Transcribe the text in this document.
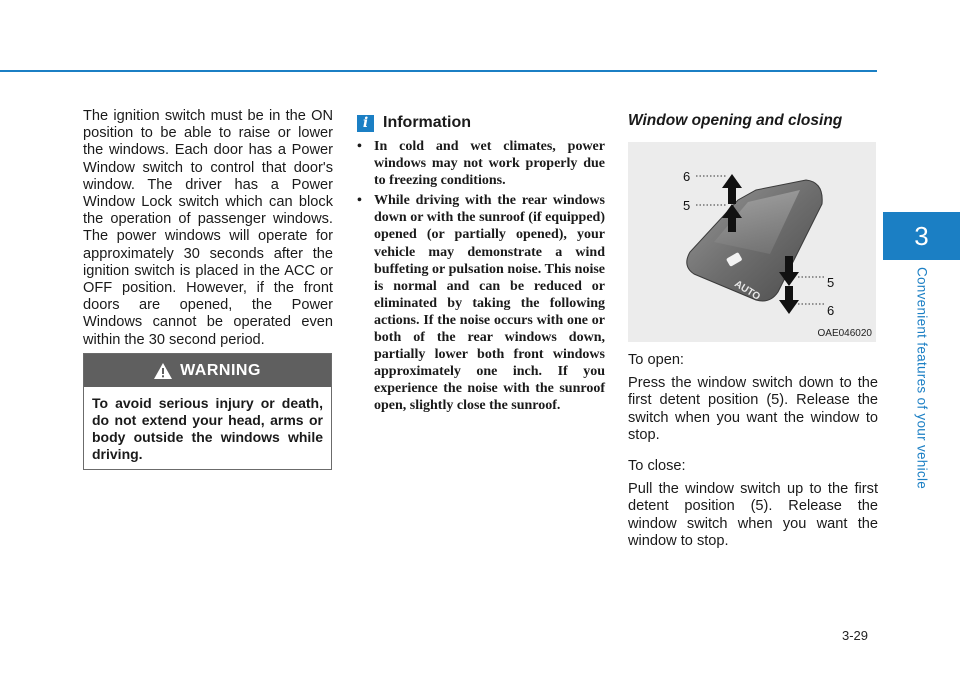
3
Convenient features of your vehicle

The ignition switch must be in the ON position to be able to raise or lower the windows. Each door has a Power Window switch to control that door's window. The driver has a Power Window Lock switch which can block the operation of passenger windows. The power windows will operate for approximately 30 seconds after the ignition switch is placed in the ACC or OFF position. However, if the front doors are opened, the Power Windows cannot be operated even within the 30 second period.

WARNING
To avoid serious injury or death, do not extend your head, arms or body outside the windows while driving.
i Information
• In cold and wet climates, power windows may not work properly due to freezing conditions.
• While driving with the rear windows down or with the sunroof (if equipped) opened (or partially opened), your vehicle may demonstrate a wind buffeting or pulsation noise. This noise is normal and can be reduced or eliminated by taking the following actions. If the noise occurs with one or both of the rear windows down, partially lower both front windows approximately one inch. If you experience the noise with the sunroof open, slightly close the sunroof.
Window opening and closing
AUTO
6
5
5
6
OAE046020

To open:

Press the window switch down to the first detent position (5). Release the switch when you want the window to stop.

To close:

Pull the window switch up to the first detent position (5). Release the window switch when you want the window to stop.

3-29
